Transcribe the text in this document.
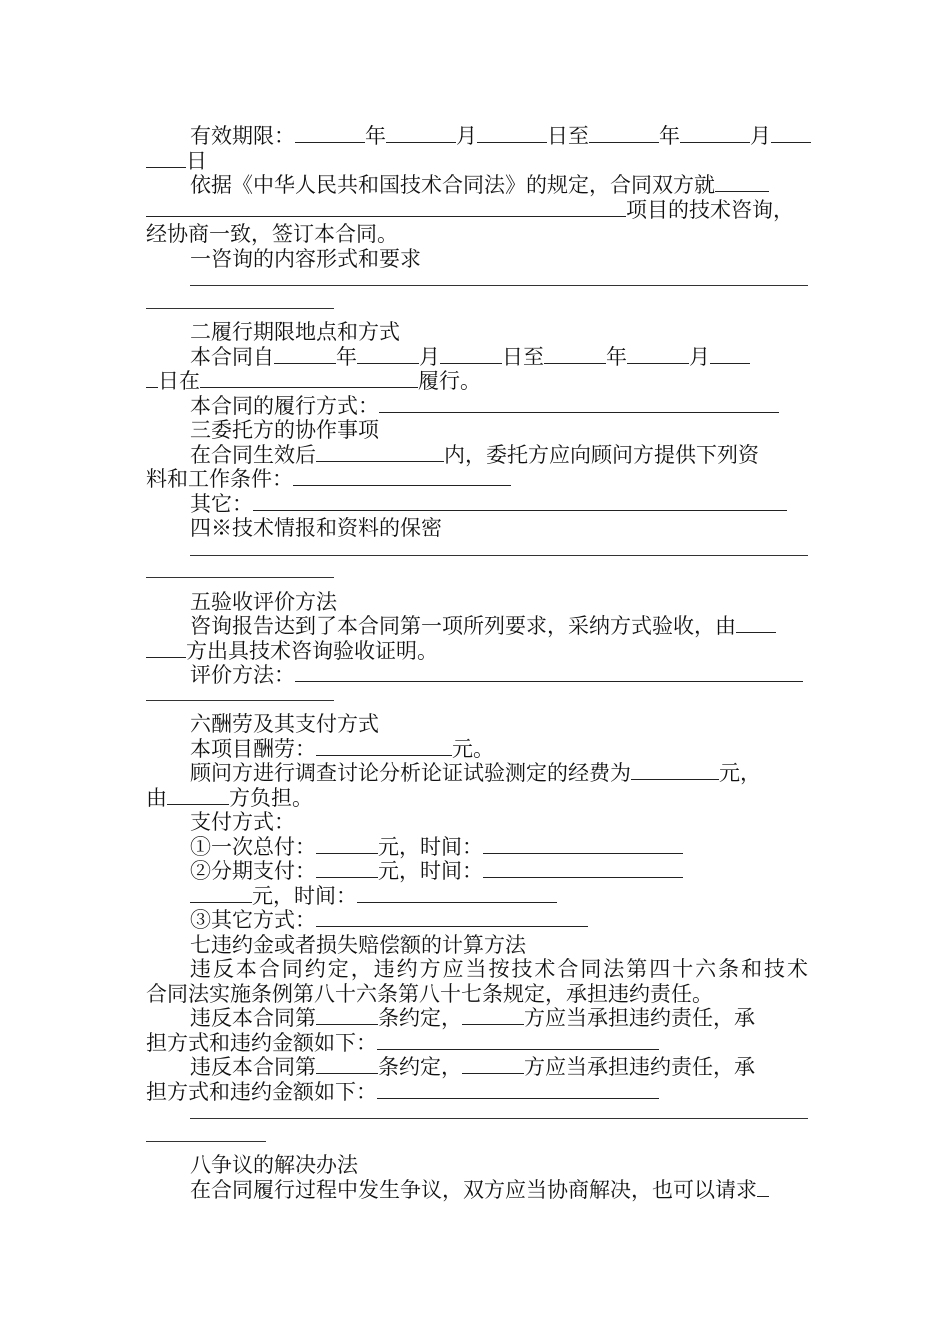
有效期限：	年	月	日至	年	月
日
依据《中华人民共和国技术合同法》的规定，合同双方就
项目的技术咨询，
经协商一致，签订本合同。
一咨询的内容形式和要求
二履行期限地点和方式
本合同自	年	月	日至	年	月
日在	履行。
本合同的履行方式：
三委托方的协作事项
在合同生效后	内，委托方应向顾问方提供下列资
料和工作条件：
其它：
四※技术情报和资料的保密
五验收评价方法
咨询报告达到了本合同第一项所列要求，采纳方式验收，由
方出具技术咨询验收证明。
评价方法：
六酬劳及其支付方式
本项目酬劳：	元。
顾问方进行调查讨论分析论证试验测定的经费为	元，
由	方负担。
支付方式：
①一次总付：	元，时间：
②分期支付：	元，时间：
元，时间：
③其它方式：
七违约金或者损失赔偿额的计算方法
违反本合同约定，违约方应当按技术合同法第四十六条和技术
合同法实施条例第八十六条第八十七条规定，承担违约责任。
违反本合同第	条约定，	方应当承担违约责任，承
担方式和违约金额如下：
违反本合同第	条约定，	方应当承担违约责任，承
担方式和违约金额如下：
八争议的解决办法
在合同履行过程中发生争议，双方应当协商解决，也可以请求
